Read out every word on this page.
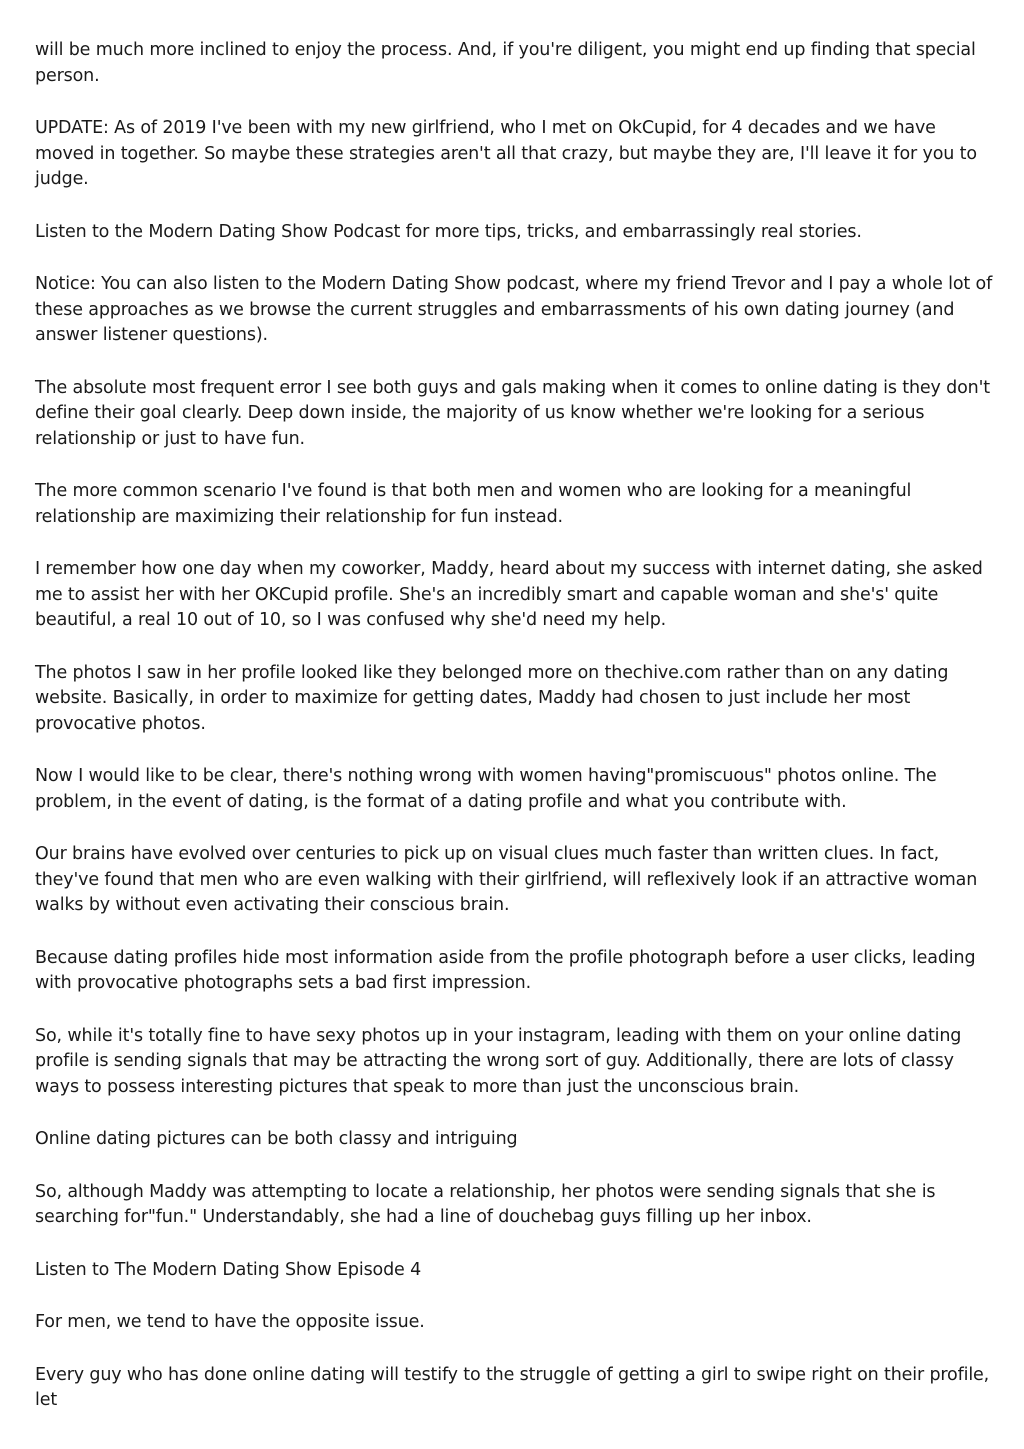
will be much more inclined to enjoy the process. And, if you're diligent, you might end up finding that special person.

UPDATE: As of 2019 I've been with my new girlfriend, who I met on OkCupid, for 4 decades and we have moved in together. So maybe these strategies aren't all that crazy, but maybe they are, I'll leave it for you to judge.

Listen to the Modern Dating Show Podcast for more tips, tricks, and embarrassingly real stories.

Notice: You can also listen to the Modern Dating Show podcast, where my friend Trevor and I pay a whole lot of these approaches as we browse the current struggles and embarrassments of his own dating journey (and answer listener questions).

The absolute most frequent error I see both guys and gals making when it comes to online dating is they don't define their goal clearly. Deep down inside, the majority of us know whether we're looking for a serious relationship or just to have fun.

The more common scenario I've found is that both men and women who are looking for a meaningful relationship are maximizing their relationship for fun instead.

I remember how one day when my coworker, Maddy, heard about my success with internet dating, she asked me to assist her with her OKCupid profile. She's an incredibly smart and capable woman and she's' quite beautiful, a real 10 out of 10, so I was confused why she'd need my help.

The photos I saw in her profile looked like they belonged more on thechive.com rather than on any dating website. Basically, in order to maximize for getting dates, Maddy had chosen to just include her most provocative photos.

Now I would like to be clear, there's nothing wrong with women having"promiscuous" photos online. The problem, in the event of dating, is the format of a dating profile and what you contribute with.

Our brains have evolved over centuries to pick up on visual clues much faster than written clues. In fact, they've found that men who are even walking with their girlfriend, will reflexively look if an attractive woman walks by without even activating their conscious brain.

Because dating profiles hide most information aside from the profile photograph before a user clicks, leading with provocative photographs sets a bad first impression.

So, while it's totally fine to have sexy photos up in your instagram, leading with them on your online dating profile is sending signals that may be attracting the wrong sort of guy. Additionally, there are lots of classy ways to possess interesting pictures that speak to more than just the unconscious brain.

Online dating pictures can be both classy and intriguing

So, although Maddy was attempting to locate a relationship, her photos were sending signals that she is searching for"fun." Understandably, she had a line of douchebag guys filling up her inbox.

Listen to The Modern Dating Show Episode 4

For men, we tend to have the opposite issue.

Every guy who has done online dating will testify to the struggle of getting a girl to swipe right on their profile, let
